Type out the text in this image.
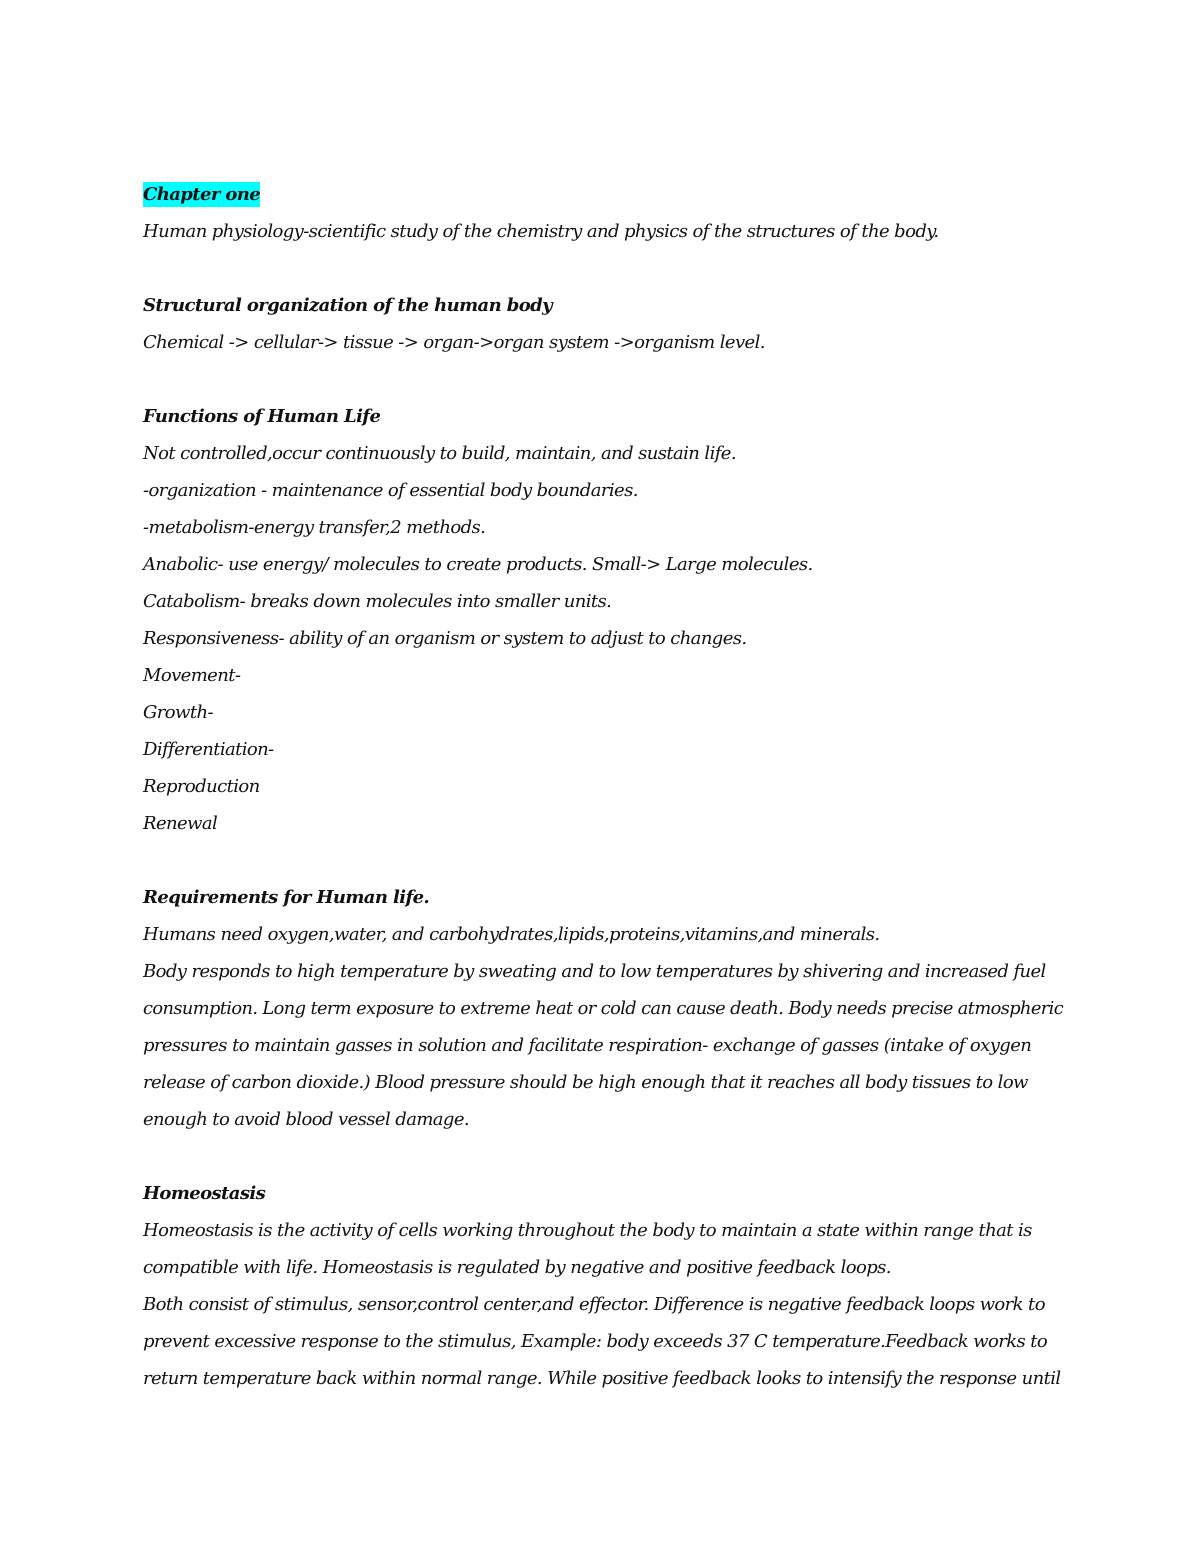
Chapter one
Human physiology-scientific study of the chemistry and physics of the structures of the body.
Structural organization of the human body
Chemical -> cellular-> tissue -> organ->organ system ->organism level.
Functions of Human Life
Not controlled,occur continuously to build, maintain, and sustain life.
-organization - maintenance of essential body boundaries.
-metabolism-energy transfer,2 methods.
Anabolic- use energy/ molecules to create products. Small-> Large molecules.
Catabolism- breaks down molecules into smaller units.
Responsiveness- ability of an organism or system to adjust to changes.
Movement-
Growth-
Differentiation-
Reproduction
Renewal
Requirements for Human life.
Humans need oxygen,water, and carbohydrates,lipids,proteins,vitamins,and minerals.
Body responds to high temperature by sweating and to low temperatures by shivering and increased fuel
consumption. Long term exposure to extreme heat or cold can cause death. Body needs precise atmospheric
pressures to maintain gasses in solution and facilitate respiration- exchange of gasses (intake of oxygen
release of carbon dioxide.) Blood pressure should be high enough that it reaches all body tissues to low
enough to avoid blood vessel damage.
Homeostasis
Homeostasis is the activity of cells working throughout the body to maintain a state within range that is
compatible with life. Homeostasis is regulated by negative and positive feedback loops.
Both consist of stimulus, sensor,control center,and effector. Difference is negative feedback loops work to
prevent excessive response to the stimulus, Example: body exceeds 37 C temperature.Feedback works to
return temperature back within normal range. While positive feedback looks to intensify the response until
